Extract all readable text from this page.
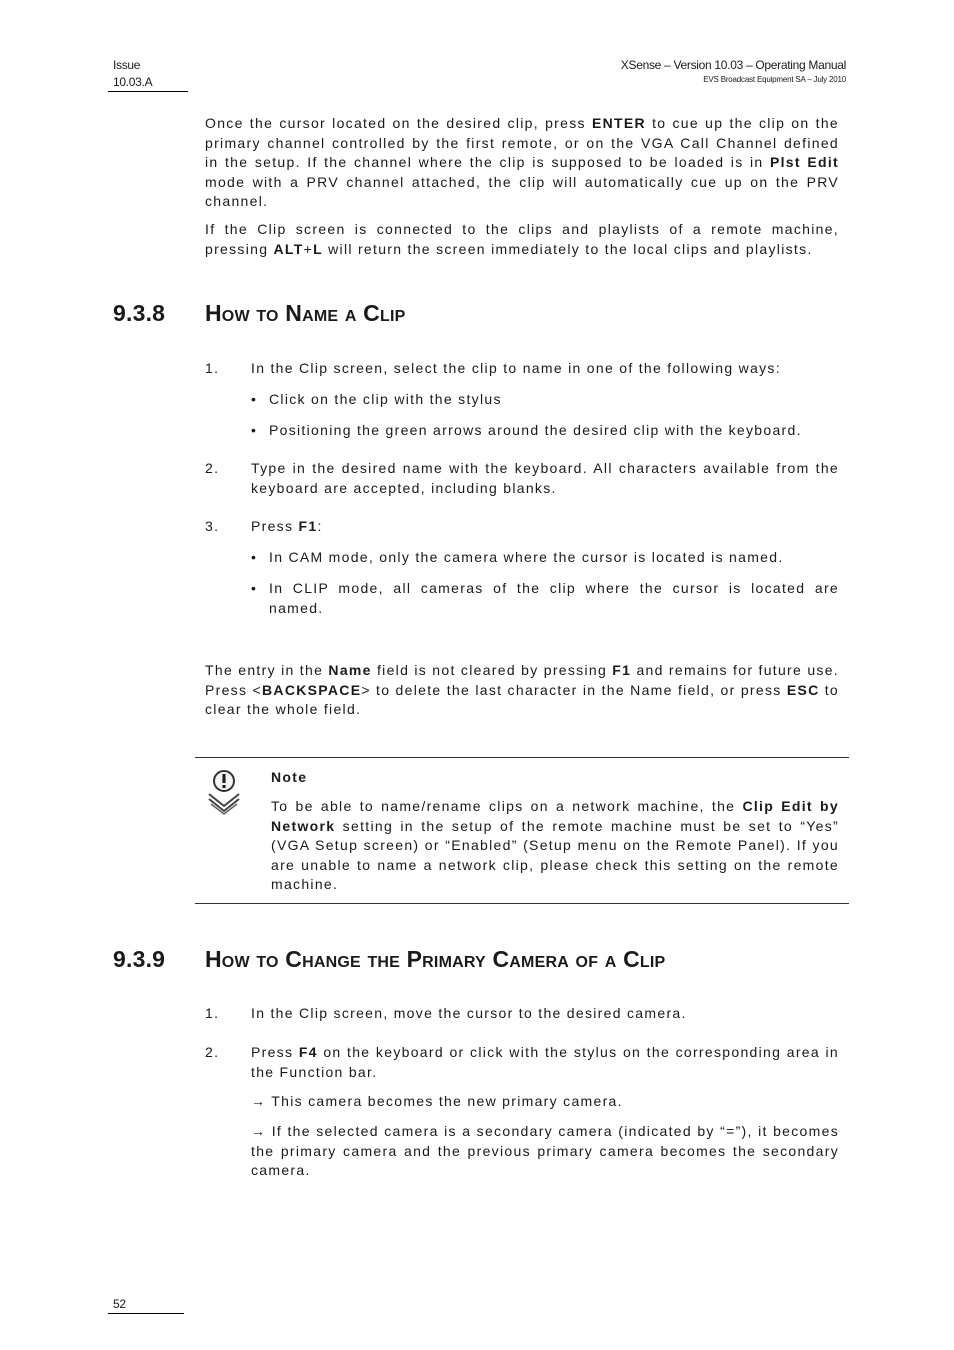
Issue
10.03.A
XSense – Version 10.03 – Operating Manual
EVS Broadcast Equipment SA – July 2010
Once the cursor located on the desired clip, press ENTER to cue up the clip on the primary channel controlled by the first remote, or on the VGA Call Channel defined in the setup. If the channel where the clip is supposed to be loaded is in Plst Edit mode with a PRV channel attached, the clip will automatically cue up on the PRV channel.
If the Clip screen is connected to the clips and playlists of a remote machine, pressing ALT+L will return the screen immediately to the local clips and playlists.
9.3.8 How to Name a Clip
1. In the Clip screen, select the clip to name in one of the following ways:
• Click on the clip with the stylus
• Positioning the green arrows around the desired clip with the keyboard.
2. Type in the desired name with the keyboard. All characters available from the keyboard are accepted, including blanks.
3. Press F1:
• In CAM mode, only the camera where the cursor is located is named.
• In CLIP mode, all cameras of the clip where the cursor is located are named.
The entry in the Name field is not cleared by pressing F1 and remains for future use. Press <BACKSPACE> to delete the last character in the Name field, or press ESC to clear the whole field.
Note
To be able to name/rename clips on a network machine, the Clip Edit by Network setting in the setup of the remote machine must be set to “Yes” (VGA Setup screen) or “Enabled” (Setup menu on the Remote Panel). If you are unable to name a network clip, please check this setting on the remote machine.
9.3.9 How to Change the Primary Camera of a Clip
1. In the Clip screen, move the cursor to the desired camera.
2. Press F4 on the keyboard or click with the stylus on the corresponding area in the Function bar.
→ This camera becomes the new primary camera.
→ If the selected camera is a secondary camera (indicated by “=”), it becomes the primary camera and the previous primary camera becomes the secondary camera.
52
